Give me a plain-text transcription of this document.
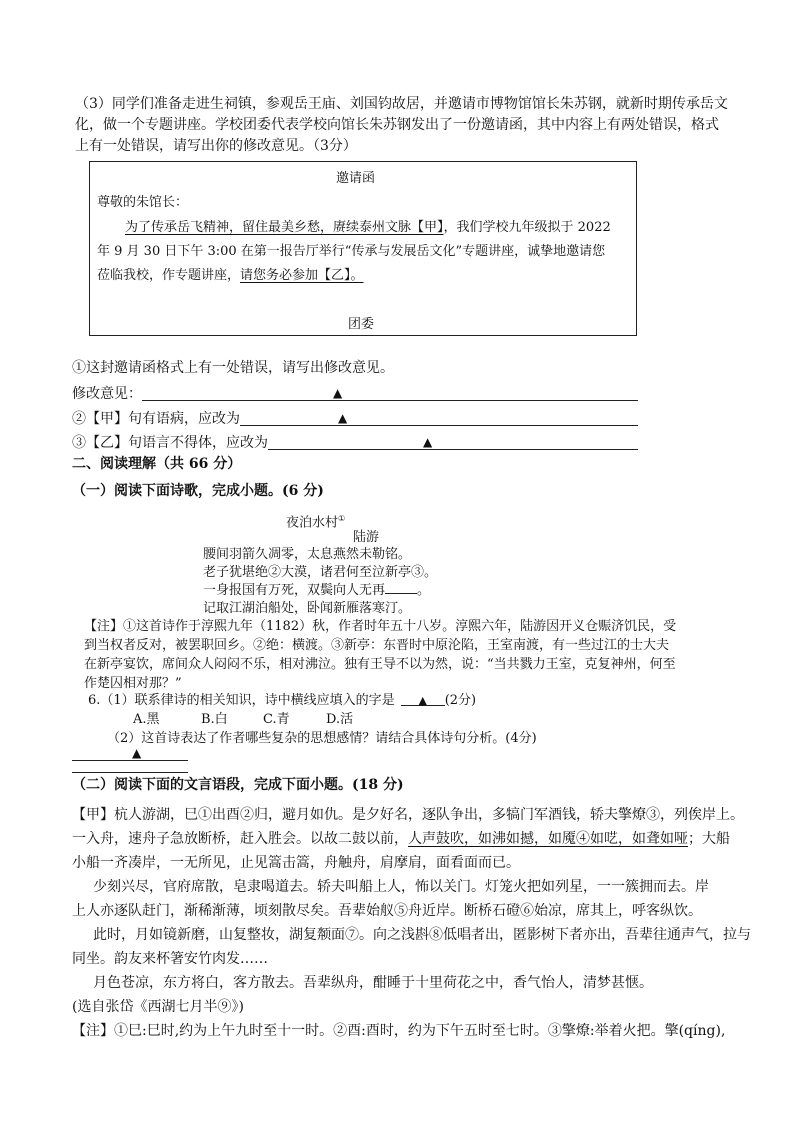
（3）同学们准备走进生祠镇，参观岳王庙、刘国钧故居，并邀请市博物馆馆长朱苏钢，就新时期传承岳文
化，做一个专题讲座。学校团委代表学校向馆长朱苏钢发出了一份邀请函，其中内容上有两处错误，格式
上有一处错误，请写出你的修改意见。（3分）
邀请函
尊敬的朱馆长：
为了传承岳飞精神，留住最美乡愁，赓续泰州文脉【甲】，我们学校九年级拟于 2022
年 9 月 30 日下午 3:00 在第一报告厅举行“传承与发展岳文化”专题讲座，诚挚地邀请您
莅临我校，作专题讲座，请您务必参加【乙】。
团委
①这封邀请函格式上有一处错误，请写出修改意见。
修改意见：	▲
②【甲】句有语病，应改为	▲
③【乙】句语言不得体，应改为	▲
二、阅读理解（共 66 分）
（一）阅读下面诗歌，完成小题。(6 分)
夜泊水村①
陆游
腰间羽箭久凋零，太息燕然未勒铭。
老子犹堪绝②大漠，诸君何至泣新亭③。
一身报国有万死，双鬓向人无再 。
记取江湖泊船处，卧闻新雁落寒汀。
【注】①这首诗作于淳熙九年（1182）秋，作者时年五十八岁。淳熙六年，陆游因开义仓赈济饥民，受
到当权者反对，被罢职回乡。②绝：横渡。③新亭：东晋时中原沦陷，王室南渡，有一些过江的士大夫
在新亭宴饮，席间众人闷闷不乐，相对沸泣。独有王导不以为然，说：“当共戮力王室，克复神州，何至
作楚囚相对那？”
6.（1）联系律诗的相关知识，诗中横线应填入的字是 ▲ (2分)
A.黑	B.白	C.青	D.活
（2）这首诗表达了作者哪些复杂的思想感情？请结合具体诗句分析。(4分)
▲
（二）阅读下面的文言语段，完成下面小题。(18 分)
【甲】杭人游湖，巳①出酉②归，避月如仇。是夕好名，逐队争出，多犒门军酒钱，轿夫擎燎③，列俟岸上。
一入舟，速舟子急放断桥，赶入胜会。以故二鼓以前，人声鼓吹，如沸如撼，如魇④如呓，如聋如哑；大船
小船一齐凑岸，一无所见，止见篙击篙，舟触舟，肩摩肩，面看面而已。
少刻兴尽，官府席散，皂隶喝道去。轿夫叫船上人，怖以关门。灯笼火把如列星，一一簇拥而去。岸
上人亦逐队赶门，渐稀渐薄，顷刻散尽矣。吾辈始舣⑤舟近岸。断桥石磴⑥始凉，席其上，呼客纵饮。
此时，月如镜新磨，山复整妆，湖复颒面⑦。向之浅斟⑧低唱者出，匿影树下者亦出，吾辈往通声气，拉与
同坐。韵友来杯箸安竹肉发……
月色苍凉，东方将白，客方散去。吾辈纵舟，酣睡于十里荷花之中，香气怡人，清梦甚惬。
(选自张岱《西湖七月半⑨》)
【注】①巳:巳时,约为上午九时至十一时。②酉:酉时，约为下午五时至七时。③擎燎:举着火把。擎(qíng),
